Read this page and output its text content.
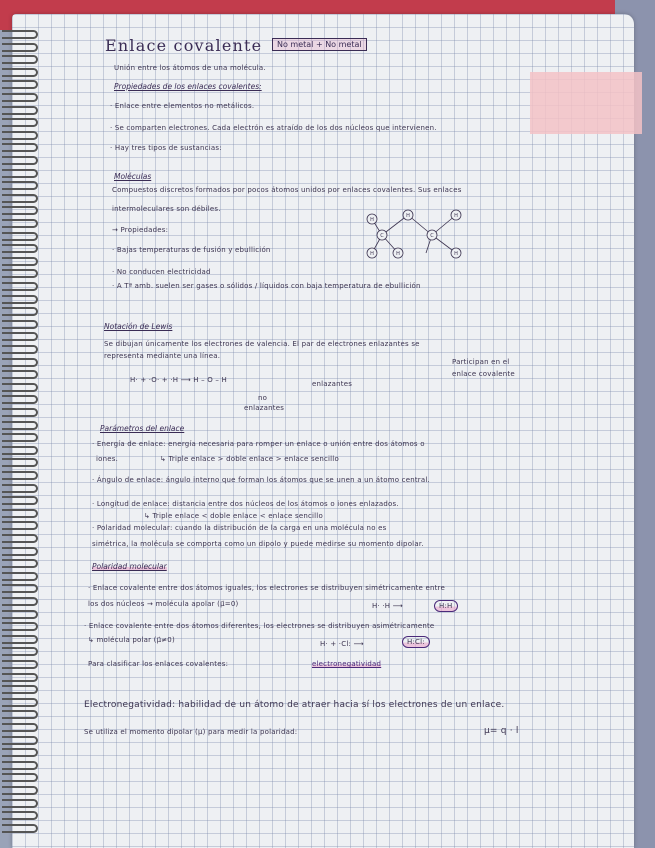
Enlace covalente	No metal + No metal
Unión entre los átomos de una molécula.
Propiedades de los enlaces covalentes:
· Enlace entre elementos no metálicos.
· Se comparten electrones. Cada electrón es atraído de los dos núcleos que intervienen.
· Hay tres tipos de sustancias:
Moléculas
Compuestos discretos formados por pocos átomos unidos por enlaces covalentes. Sus enlaces
intermoleculares son débiles.
→ Propiedades:
· Bajas temperaturas de fusión y ebullición
· No conducen electricidad
· A Tª amb. suelen ser gases o sólidos / líquidos con baja temperatura de ebullición
H
H
H	H
H	H
C	C
Notación de Lewis
Se dibujan únicamente los electrones de valencia. El par de electrones enlazantes se
representa mediante una línea.
Participan en el
enlace covalente
H· + ·O· + ·H ⟶ H – O – H	enlazantes
no
enlazantes
Parámetros del enlace
· Energía de enlace: energía necesaria para romper un enlace o unión entre dos átomos o
iones.	↳ Triple enlace > doble enlace > enlace sencillo
· Ángulo de enlace: ángulo interno que forman los átomos que se unen a un átomo central.
· Longitud de enlace: distancia entre dos núcleos de los átomos o iones enlazados.
↳ Triple enlace < doble enlace < enlace sencillo
· Polaridad molecular: cuando la distribución de la carga en una molécula no es
simétrica, la molécula se comporta como un dipolo y puede medirse su momento dipolar.
Polaridad molecular
· Enlace covalente entre dos átomos iguales, los electrones se distribuyen simétricamente entre
los dos núcleos → molécula apolar (μ⃗=0)	H· ·H ⟶	H:H
· Enlace covalente entre dos átomos diferentes, los electrones se distribuyen asimétricamente
↳ molécula polar (μ⃗≠0)	H· + ·Cl: ⟶	H:Cl:
Para clasificar los enlaces covalentes:	electronegatividad
Electronegatividad: habilidad de un átomo de atraer hacia sí los electrones de un enlace.
Se utiliza el momento dipolar (μ) para medir la polaridad:	μ= q · l
